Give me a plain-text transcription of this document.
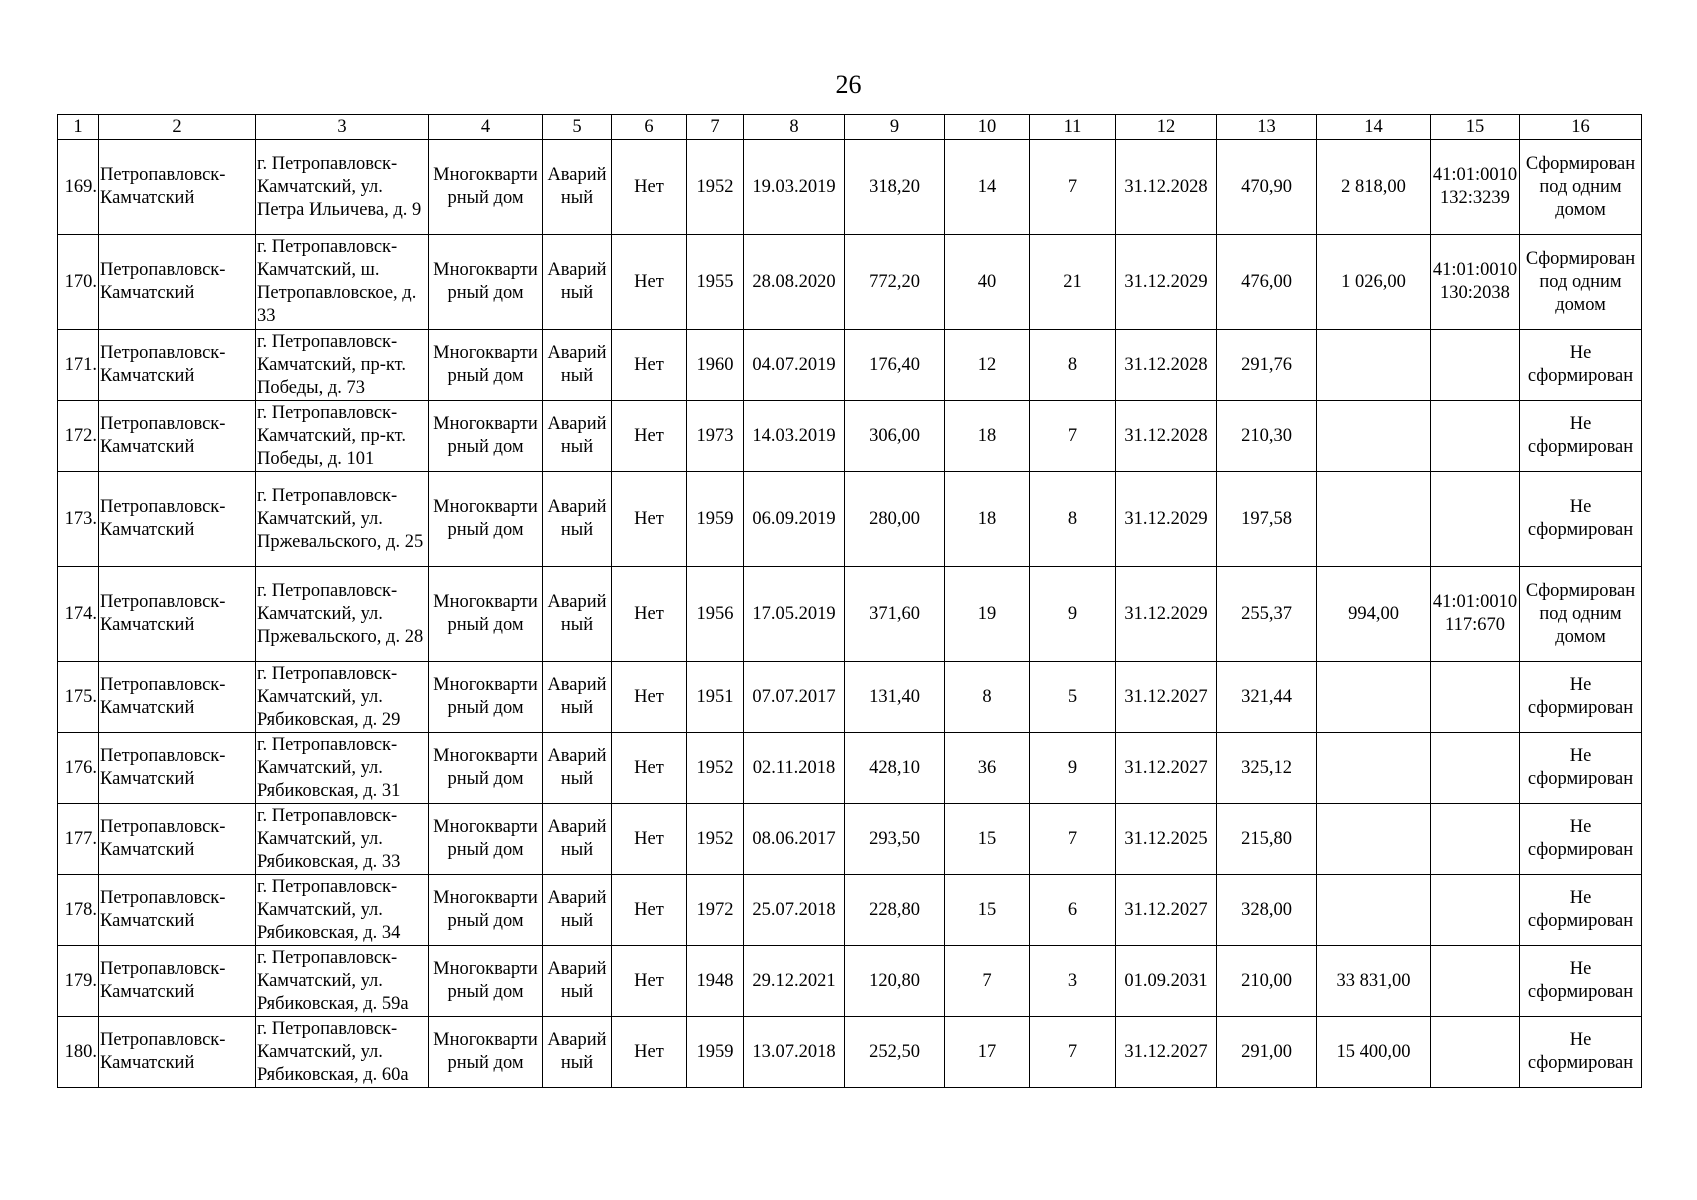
26
1	2	3	4	5	6	7	8	9	10	11	12	13	14	15	16
169.	Петропавловск-Камчатский	г. Петропавловск-Камчатский, ул. Петра Ильичева, д. 9	Многоквартирный дом	Аварийный	Нет	1952	19.03.2019	318,20	14	7	31.12.2028	470,90	2 818,00	41:01:0010132:3239	Сформирован под одним домом
170.	Петропавловск-Камчатский	г. Петропавловск-Камчатский, ш. Петропавловское, д. 33	Многоквартирный дом	Аварийный	Нет	1955	28.08.2020	772,20	40	21	31.12.2029	476,00	1 026,00	41:01:0010130:2038	Сформирован под одним домом
171.	Петропавловск-Камчатский	г. Петропавловск-Камчатский, пр-кт. Победы, д. 73	Многоквартирный дом	Аварийный	Нет	1960	04.07.2019	176,40	12	8	31.12.2028	291,76			Не сформирован
172.	Петропавловск-Камчатский	г. Петропавловск-Камчатский, пр-кт. Победы, д. 101	Многоквартирный дом	Аварийный	Нет	1973	14.03.2019	306,00	18	7	31.12.2028	210,30			Не сформирован
173.	Петропавловск-Камчатский	г. Петропавловск-Камчатский, ул. Пржевальского, д. 25	Многоквартирный дом	Аварийный	Нет	1959	06.09.2019	280,00	18	8	31.12.2029	197,58			Не сформирован
174.	Петропавловск-Камчатский	г. Петропавловск-Камчатский, ул. Пржевальского, д. 28	Многоквартирный дом	Аварийный	Нет	1956	17.05.2019	371,60	19	9	31.12.2029	255,37	994,00	41:01:0010117:670	Сформирован под одним домом
175.	Петропавловск-Камчатский	г. Петропавловск-Камчатский, ул. Рябиковская, д. 29	Многоквартирный дом	Аварийный	Нет	1951	07.07.2017	131,40	8	5	31.12.2027	321,44			Не сформирован
176.	Петропавловск-Камчатский	г. Петропавловск-Камчатский, ул. Рябиковская, д. 31	Многоквартирный дом	Аварийный	Нет	1952	02.11.2018	428,10	36	9	31.12.2027	325,12			Не сформирован
177.	Петропавловск-Камчатский	г. Петропавловск-Камчатский, ул. Рябиковская, д. 33	Многоквартирный дом	Аварийный	Нет	1952	08.06.2017	293,50	15	7	31.12.2025	215,80			Не сформирован
178.	Петропавловск-Камчатский	г. Петропавловск-Камчатский, ул. Рябиковская, д. 34	Многоквартирный дом	Аварийный	Нет	1972	25.07.2018	228,80	15	6	31.12.2027	328,00			Не сформирован
179.	Петропавловск-Камчатский	г. Петропавловск-Камчатский, ул. Рябиковская, д. 59а	Многоквартирный дом	Аварийный	Нет	1948	29.12.2021	120,80	7	3	01.09.2031	210,00	33 831,00		Не сформирован
180.	Петропавловск-Камчатский	г. Петропавловск-Камчатский, ул. Рябиковская, д. 60а	Многоквартирный дом	Аварийный	Нет	1959	13.07.2018	252,50	17	7	31.12.2027	291,00	15 400,00		Не сформирован
